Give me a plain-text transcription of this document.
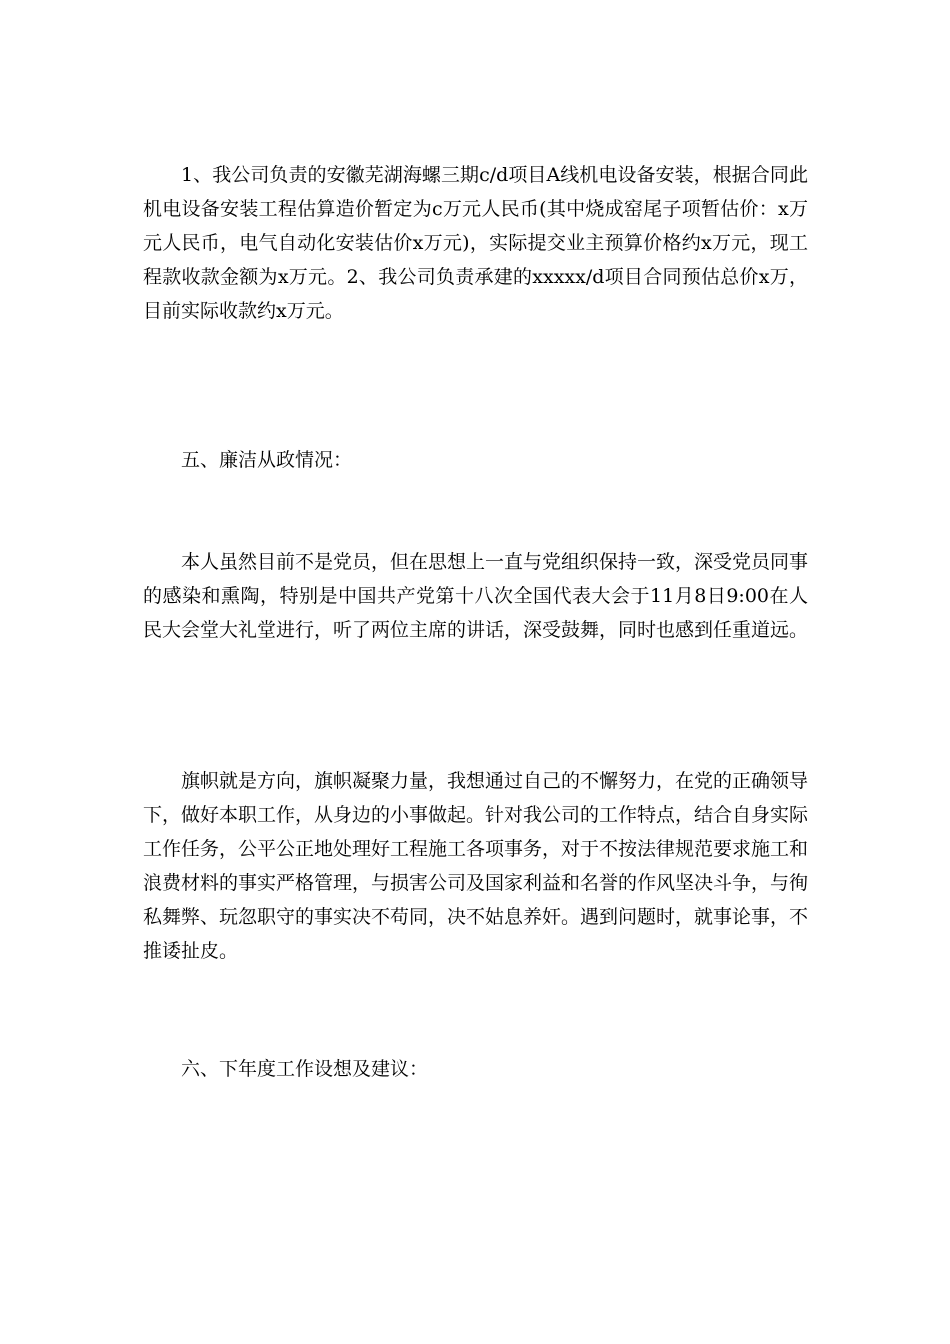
1、我公司负责的安徽芜湖海螺三期c/d项目A线机电设备安装，根据合同此机电设备安装工程估算造价暂定为c万元人民币(其中烧成窑尾子项暂估价：x万元人民币，电气自动化安装估价x万元)，实际提交业主预算价格约x万元，现工程款收款金额为x万元。2、我公司负责承建的xxxxx/d项目合同预估总价x万，目前实际收款约x万元。
五、廉洁从政情况：
本人虽然目前不是党员，但在思想上一直与党组织保持一致，深受党员同事的感染和熏陶，特别是中国共产党第十八次全国代表大会于11月8日9:00在人民大会堂大礼堂进行，听了两位主席的讲话，深受鼓舞，同时也感到任重道远。
旗帜就是方向，旗帜凝聚力量，我想通过自己的不懈努力，在党的正确领导下，做好本职工作，从身边的小事做起。针对我公司的工作特点，结合自身实际工作任务，公平公正地处理好工程施工各项事务，对于不按法律规范要求施工和浪费材料的事实严格管理，与损害公司及国家利益和名誉的作风坚决斗争，与徇私舞弊、玩忽职守的事实决不苟同，决不姑息养奸。遇到问题时，就事论事，不推诿扯皮。
六、下年度工作设想及建议：
